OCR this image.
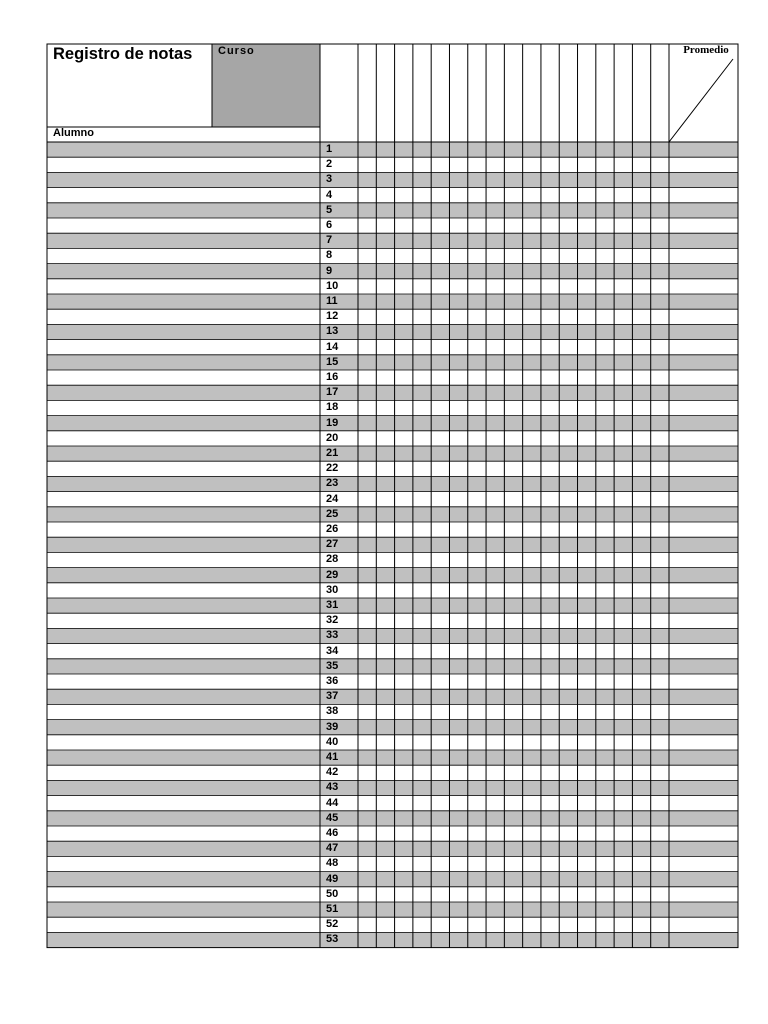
Registro de notas Curso
Alumno
Promedio
1
2
3
4
5
6
7
8
9
10
11
12
13
14
15
16
17
18
19
20
21
22
23
24
25
26
27
28
29
30
31
32
33
34
35
36
37
38
39
40
41
42
43
44
45
46
47
48
49
50
51
52
53
